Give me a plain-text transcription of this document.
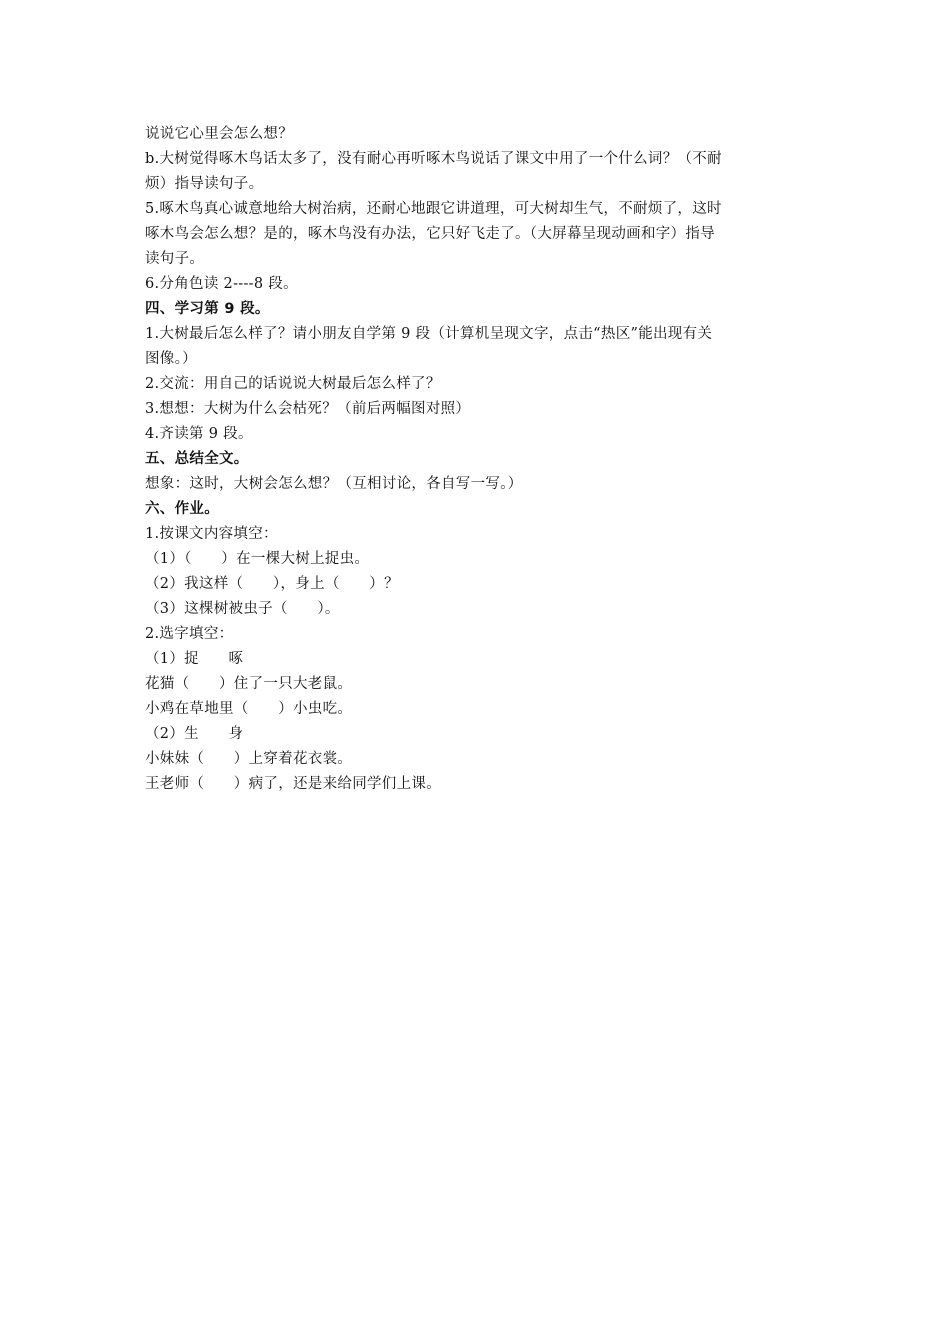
说说它心里会怎么想？
b.大树觉得啄木鸟话太多了，没有耐心再听啄木鸟说话了课文中用了一个什么词？（不耐
烦）指导读句子。
5.啄木鸟真心诚意地给大树治病，还耐心地跟它讲道理，可大树却生气，不耐烦了，这时
啄木鸟会怎么想？是的，啄木鸟没有办法，它只好飞走了。（大屏幕呈现动画和字）指导
读句子。
6.分角色读 2----8 段。
四、学习第 9 段。
1.大树最后怎么样了？请小朋友自学第 9 段（计算机呈现文字，点击“热区”能出现有关
图像。）
2.交流：用自己的话说说大树最后怎么样了？
3.想想：大树为什么会枯死？（前后两幅图对照）
4.齐读第 9 段。
五、总结全文。
想象：这时，大树会怎么想？（互相讨论，各自写一写。）
六、作业。
1.按课文内容填空：
（1）（　　）在一棵大树上捉虫。
（2）我这样（　　），身上（　　）？
（3）这棵树被虫子（　　）。
2.选字填空：
（1）捉　　啄
花猫（　　）住了一只大老鼠。
小鸡在草地里（　　）小虫吃。
（2）生　　身
小妹妹（　　）上穿着花衣裳。
王老师（　　）病了，还是来给同学们上课。
